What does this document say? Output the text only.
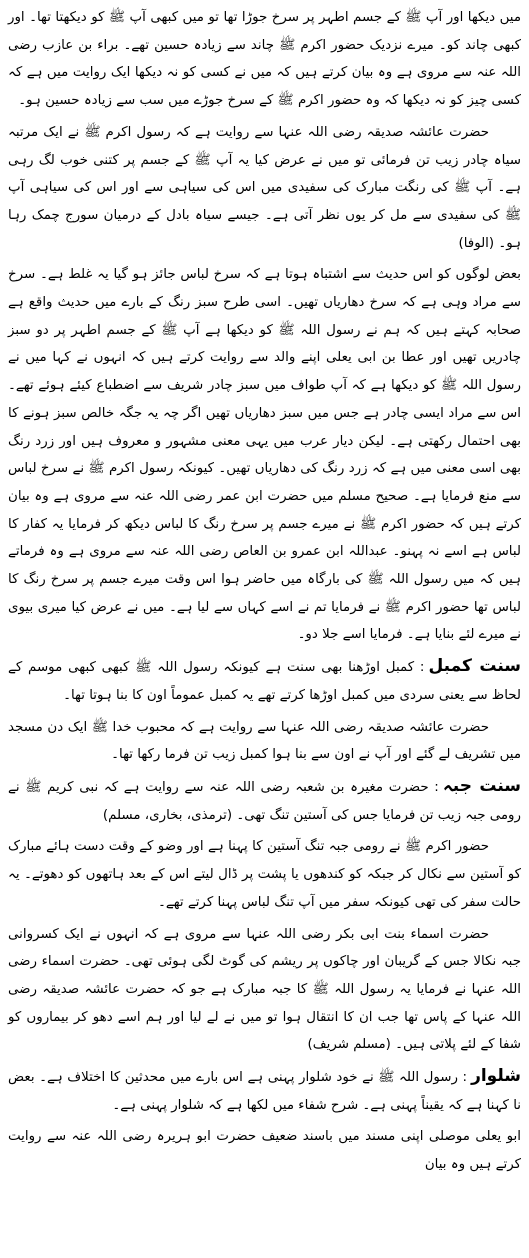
میں دیکھا اور آپ ﷺ کے جسم اطہر پر سرخ جوڑا تھا تو میں کبھی آپ ﷺ کو دیکھتا تھا۔ اور کبھی چاند کو۔ میرے نزدیک حضور اکرم ﷺ چاند سے زیادہ حسین تھے۔ براء بن عازب رضی اللہ عنہ سے مروی ہے وہ بیان کرتے ہیں کہ میں نے کسی کو نہ دیکھا ایک روایت میں ہے کہ کسی چیز کو نہ دیکھا کہ وہ حضور اکرم ﷺ کے سرخ جوڑے میں سب سے زیادہ حسین ہو۔

حضرت عائشہ صدیقہ رضی اللہ عنہا سے روایت ہے کہ رسول اکرم ﷺ نے ایک مرتبہ سیاہ چادر زیب تن فرمائی تو میں نے عرض کیا یہ آپ ﷺ کے جسم پر کتنی خوب لگ رہی ہے۔ آپ ﷺ کی رنگت مبارک کی سفیدی میں اس کی سیاہی سے اور اس کی سیاہی آپ ﷺ کی سفیدی سے مل کر یوں نظر آتی ہے۔ جیسے سیاہ بادل کے درمیان سورج چمک رہا ہو۔ (الوفا)

بعض لوگوں کو اس حدیث سے اشتباہ ہوتا ہے کہ سرخ لباس جائز ہو گیا یہ غلط ہے۔ سرخ سے مراد وہی ہے کہ سرخ دھاریاں تھیں۔ اسی طرح سبز رنگ کے بارے میں حدیث واقع ہے صحابہ کہتے ہیں کہ ہم نے رسول اللہ ﷺ کو دیکھا ہے آپ ﷺ کے جسم اطہر پر دو سبز چادریں تھیں اور عطا بن ابی یعلی اپنے والد سے روایت کرتے ہیں کہ انہوں نے کہا میں نے رسول اللہ ﷺ کو دیکھا ہے کہ آپ طواف میں سبز چادر شریف سے اضطباع کیئے ہوئے تھے۔ اس سے مراد ایسی چادر ہے جس میں سبز دھاریاں تھیں اگر چہ یہ جگہ خالص سبز ہونے کا بھی احتمال رکھتی ہے۔ لیکن دیار عرب میں یہی معنی مشہور و معروف ہیں اور زرد رنگ بھی اسی معنی میں ہے کہ زرد رنگ کی دھاریاں تھیں۔ کیونکہ رسول اکرم ﷺ نے سرخ لباس سے منع فرمایا ہے۔ صحیح مسلم میں حضرت ابن عمر رضی اللہ عنہ سے مروی ہے وہ بیان کرتے ہیں کہ حضور اکرم ﷺ نے میرے جسم پر سرخ رنگ کا لباس دیکھ کر فرمایا یہ کفار کا لباس ہے اسے نہ پہنو۔ عبداللہ ابن عمرو بن العاص رضی اللہ عنہ سے مروی ہے وہ فرماتے ہیں کہ میں رسول اللہ ﷺ کی بارگاہ میں حاضر ہوا اس وقت میرے جسم پر سرخ رنگ کا لباس تھا حضور اکرم ﷺ نے فرمایا تم نے اسے کہاں سے لیا ہے۔ میں نے عرض کیا میری بیوی نے میرے لئے بنایا ہے۔ فرمایا اسے جلا دو۔

سنت کمبل: کمبل اوڑھنا بھی سنت ہے کیونکہ رسول اللہ ﷺ کبھی کبھی موسم کے لحاظ سے یعنی سردی میں کمبل اوڑھا کرتے تھے یہ کمبل عموماً اون کا بنا ہوتا تھا۔

حضرت عائشہ صدیقہ رضی اللہ عنہا سے روایت ہے کہ محبوب خدا ﷺ ایک دن مسجد میں تشریف لے گئے اور آپ نے اون سے بنا ہوا کمبل زیب تن فرما رکھا تھا۔

سنت جبہ: حضرت مغیرہ بن شعبہ رضی اللہ عنہ سے روایت ہے کہ نبی کریم ﷺ نے رومی جبہ زیب تن فرمایا جس کی آستین تنگ تھی۔ (ترمذی، بخاری، مسلم)

حضور اکرم ﷺ نے رومی جبہ تنگ آستین کا پہنا ہے اور وضو کے وقت دست ہائے مبارک کو آستین سے نکال کر جبکہ کو کندھوں یا پشت پر ڈال لیتے اس کے بعد ہاتھوں کو دھوتے۔ یہ حالت سفر کی تھی کیونکہ سفر میں آپ تنگ لباس پہنا کرتے تھے۔

حضرت اسماء بنت ابی بکر رضی اللہ عنہا سے مروی ہے کہ انہوں نے ایک کسروانی جبہ نکالا جس کے گریبان اور چاکوں پر ریشم کی گوٹ لگی ہوئی تھی۔ حضرت اسماء رضی اللہ عنہا نے فرمایا یہ رسول اللہ ﷺ کا جبہ مبارک ہے جو کہ حضرت عائشہ صدیقہ رضی اللہ عنہا کے پاس تھا جب ان کا انتقال ہوا تو میں نے لے لیا اور ہم اسے دھو کر بیماروں کو شفا کے لئے پلاتی ہیں۔ (مسلم شریف)

شلوار: رسول اللہ ﷺ نے خود شلوار پہنی ہے اس بارے میں محدثین کا اختلاف ہے۔ بعض نا کہنا ہے کہ یقیناً پہنی ہے۔ شرح شفاء میں لکھا ہے کہ شلوار پہنی ہے۔

ابو یعلی موصلی اپنی مسند میں باسند ضعیف حضرت ابو ہریرہ رضی اللہ عنہ سے روایت کرتے ہیں وہ بیان
